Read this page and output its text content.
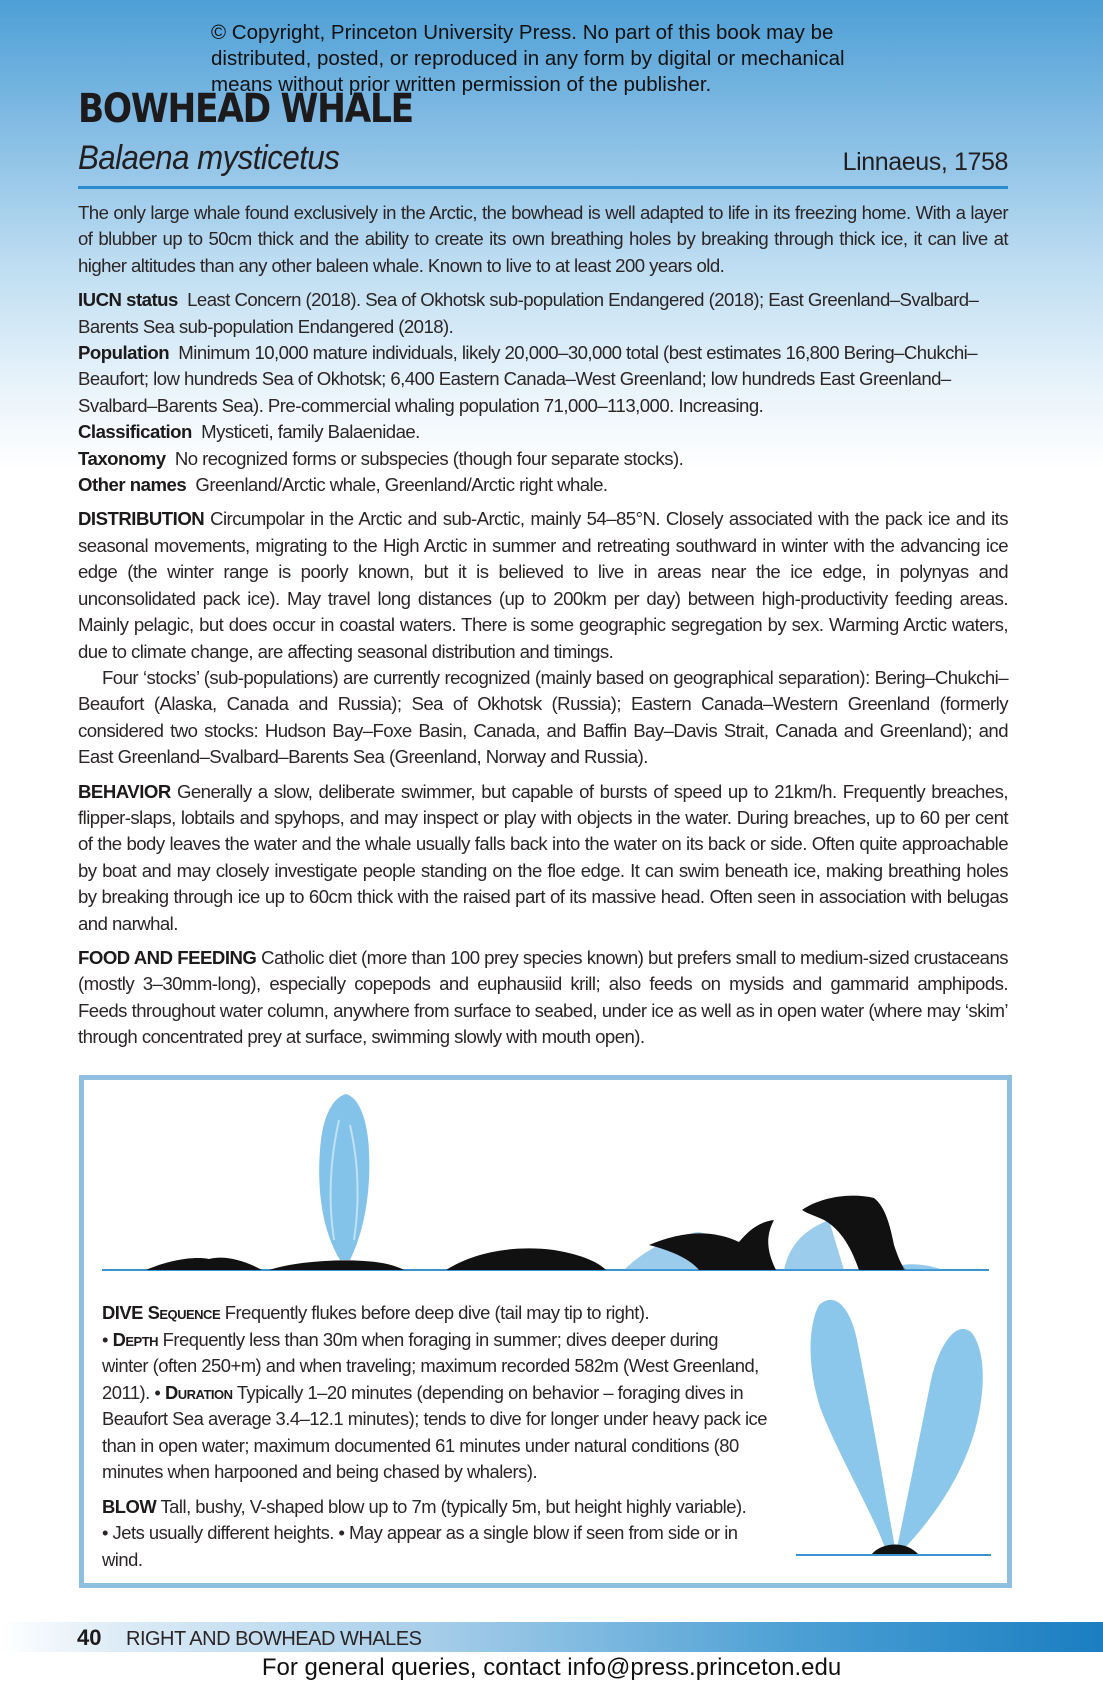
© Copyright, Princeton University Press. No part of this book may be
distributed, posted, or reproduced in any form by digital or mechanical
means without prior written permission of the publisher.
BOWHEAD WHALE
Balaena mysticetus	Linnaeus, 1758

The only large whale found exclusively in the Arctic, the bowhead is well adapted to life in its freezing home. With a layer of blubber up to 50cm thick and the ability to create its own breathing holes by breaking through thick ice, it can live at higher altitudes than any other baleen whale. Known to live to at least 200 years old.

IUCN status Least Concern (2018). Sea of Okhotsk sub-population Endangered (2018); East Greenland–Svalbard–Barents Sea sub-population Endangered (2018).

Population Minimum 10,000 mature individuals, likely 20,000–30,000 total (best estimates 16,800 Bering–Chukchi–Beaufort; low hundreds Sea of Okhotsk; 6,400 Eastern Canada–West Greenland; low hundreds East Greenland–Svalbard–Barents Sea). Pre-commercial whaling population 71,000–113,000. Increasing.

Classification Mysticeti, family Balaenidae.

Taxonomy No recognized forms or subspecies (though four separate stocks).

Other names Greenland/Arctic whale, Greenland/Arctic right whale.

DISTRIBUTION Circumpolar in the Arctic and sub-Arctic, mainly 54–85°N. Closely associated with the pack ice and its seasonal movements, migrating to the High Arctic in summer and retreating southward in winter with the advancing ice edge (the winter range is poorly known, but it is believed to live in areas near the ice edge, in polynyas and unconsolidated pack ice). May travel long distances (up to 200km per day) between high-productivity feeding areas. Mainly pelagic, but does occur in coastal waters. There is some geographic segregation by sex. Warming Arctic waters, due to climate change, are affecting seasonal distribution and timings.

Four ‘stocks’ (sub-populations) are currently recognized (mainly based on geographical separation): Bering–Chukchi–Beaufort (Alaska, Canada and Russia); Sea of Okhotsk (Russia); Eastern Canada–Western Greenland (formerly considered two stocks: Hudson Bay–Foxe Basin, Canada, and Baffin Bay–Davis Strait, Canada and Greenland); and East Greenland–Svalbard–Barents Sea (Greenland, Norway and Russia).

BEHAVIOR Generally a slow, deliberate swimmer, but capable of bursts of speed up to 21km/h. Frequently breaches, flipper-slaps, lobtails and spyhops, and may inspect or play with objects in the water. During breaches, up to 60 per cent of the body leaves the water and the whale usually falls back into the water on its back or side. Often quite approachable by boat and may closely investigate people standing on the floe edge. It can swim beneath ice, making breathing holes by breaking through ice up to 60cm thick with the raised part of its massive head. Often seen in association with belugas and narwhal.

FOOD AND FEEDING Catholic diet (more than 100 prey species known) but prefers small to medium-sized crustaceans (mostly 3–30mm-long), especially copepods and euphausiid krill; also feeds on mysids and gammarid amphipods. Feeds throughout water column, anywhere from surface to seabed, under ice as well as in open water (where may ‘skim’ through concentrated prey at surface, swimming slowly with mouth open).

DIVE Sequence Frequently flukes before deep dive (tail may tip to right).
• Depth Frequently less than 30m when foraging in summer; dives deeper during winter (often 250+m) and when traveling; maximum recorded 582m (West Greenland, 2011). • Duration Typically 1–20 minutes (depending on behavior – foraging dives in Beaufort Sea average 3.4–12.1 minutes); tends to dive for longer under heavy pack ice than in open water; maximum documented 61 minutes under natural conditions (80 minutes when harpooned and being chased by whalers).

BLOW Tall, bushy, V-shaped blow up to 7m (typically 5m, but height highly variable).
• Jets usually different heights. • May appear as a single blow if seen from side or in wind.

40 RIGHT AND BOWHEAD WHALES
For general queries, contact info@press.princeton.edu
